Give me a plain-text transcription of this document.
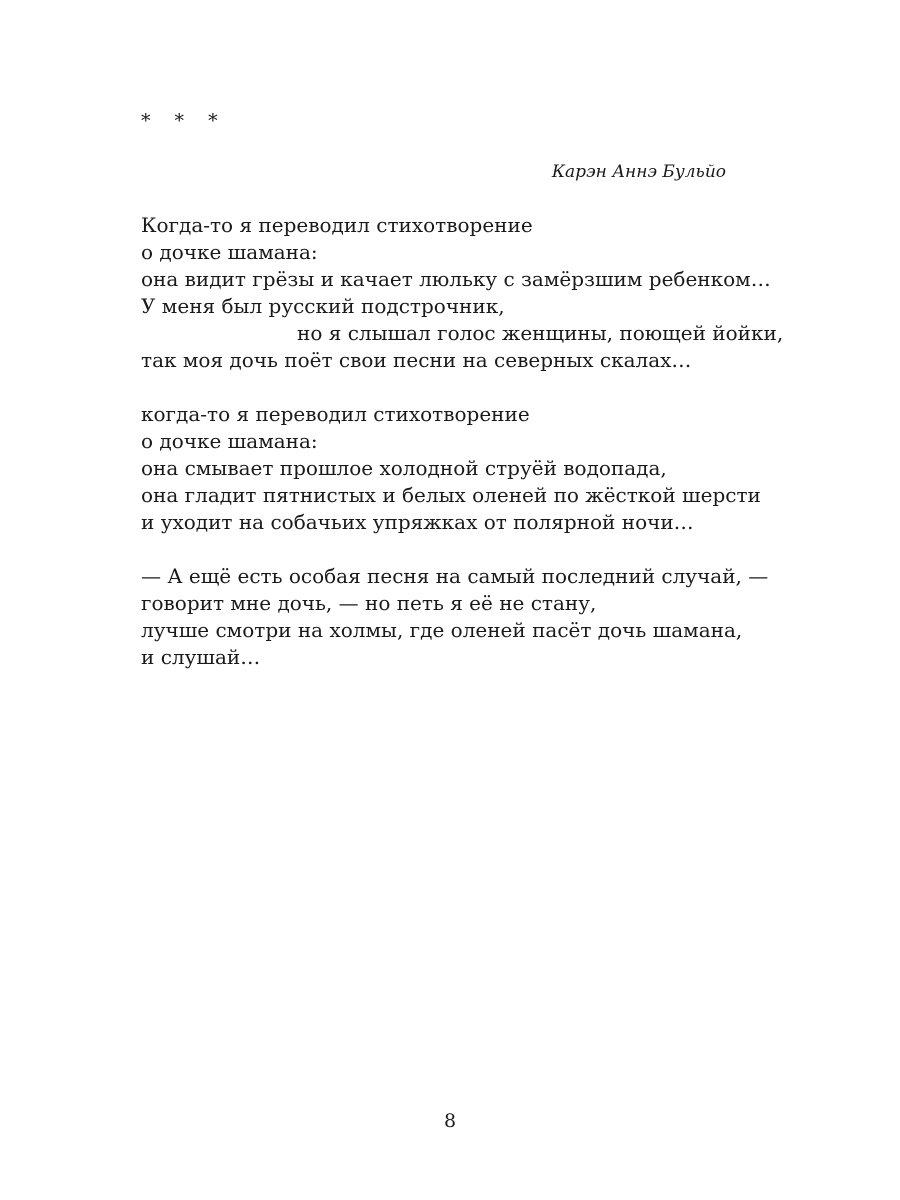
* * *
Карэн Аннэ Бульйо
Когда-то я переводил стихотворение
о дочке шамана:
она видит грёзы и качает люльку с замёрзшим ребенком…
У меня был русский подстрочник,
но я слышал голос женщины, поющей йойки,
так моя дочь поёт свои песни на северных скалах…
когда-то я переводил стихотворение
о дочке шамана:
она смывает прошлое холодной струёй водопада,
она гладит пятнистых и белых оленей по жёсткой шерсти
и уходит на собачьих упряжках от полярной ночи…
— А ещё есть особая песня на самый последний случай, —
говорит мне дочь, — но петь я её не стану,
лучше смотри на холмы, где оленей пасёт дочь шамана,
и слушай…
8
